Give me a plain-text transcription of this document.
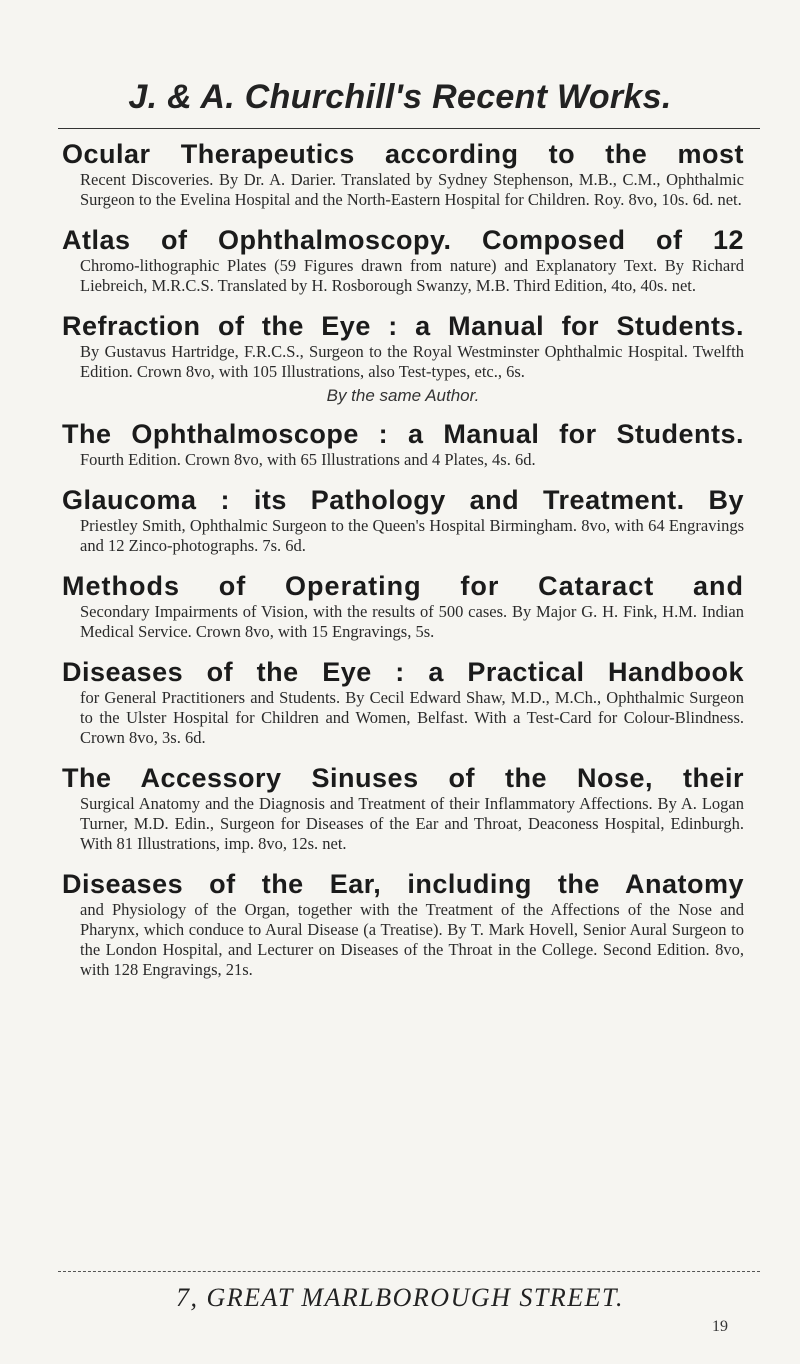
J. & A. Churchill's Recent Works.
Ocular Therapeutics according to the most
Recent Discoveries. By Dr. A. Darier. Translated by Sydney Stephenson, M.B., C.M., Ophthalmic Surgeon to the Evelina Hospital and the North-Eastern Hospital for Children. Roy. 8vo, 10s. 6d. net.
Atlas of Ophthalmoscopy. Composed of 12
Chromo-lithographic Plates (59 Figures drawn from nature) and Explanatory Text. By Richard Liebreich, M.R.C.S. Translated by H. Rosborough Swanzy, M.B. Third Edition, 4to, 40s. net.
Refraction of the Eye : a Manual for Students.
By Gustavus Hartridge, F.R.C.S., Surgeon to the Royal Westminster Ophthalmic Hospital. Twelfth Edition. Crown 8vo, with 105 Illustrations, also Test-types, etc., 6s.
By the same Author.
The Ophthalmoscope : a Manual for Students.
Fourth Edition. Crown 8vo, with 65 Illustrations and 4 Plates, 4s. 6d.
Glaucoma : its Pathology and Treatment. By
Priestley Smith, Ophthalmic Surgeon to the Queen's Hospital Birmingham. 8vo, with 64 Engravings and 12 Zinco-photographs. 7s. 6d.
Methods of Operating for Cataract and
Secondary Impairments of Vision, with the results of 500 cases. By Major G. H. Fink, H.M. Indian Medical Service. Crown 8vo, with 15 Engravings, 5s.
Diseases of the Eye : a Practical Handbook
for General Practitioners and Students. By Cecil Edward Shaw, M.D., M.Ch., Ophthalmic Surgeon to the Ulster Hospital for Children and Women, Belfast. With a Test-Card for Colour-Blindness. Crown 8vo, 3s. 6d.
The Accessory Sinuses of the Nose, their
Surgical Anatomy and the Diagnosis and Treatment of their Inflammatory Affections. By A. Logan Turner, M.D. Edin., Surgeon for Diseases of the Ear and Throat, Deaconess Hospital, Edinburgh. With 81 Illustrations, imp. 8vo, 12s. net.
Diseases of the Ear, including the Anatomy
and Physiology of the Organ, together with the Treatment of the Affections of the Nose and Pharynx, which conduce to Aural Disease (a Treatise). By T. Mark Hovell, Senior Aural Surgeon to the London Hospital, and Lecturer on Diseases of the Throat in the College. Second Edition. 8vo, with 128 Engravings, 21s.
7, GREAT MARLBOROUGH STREET.
19
